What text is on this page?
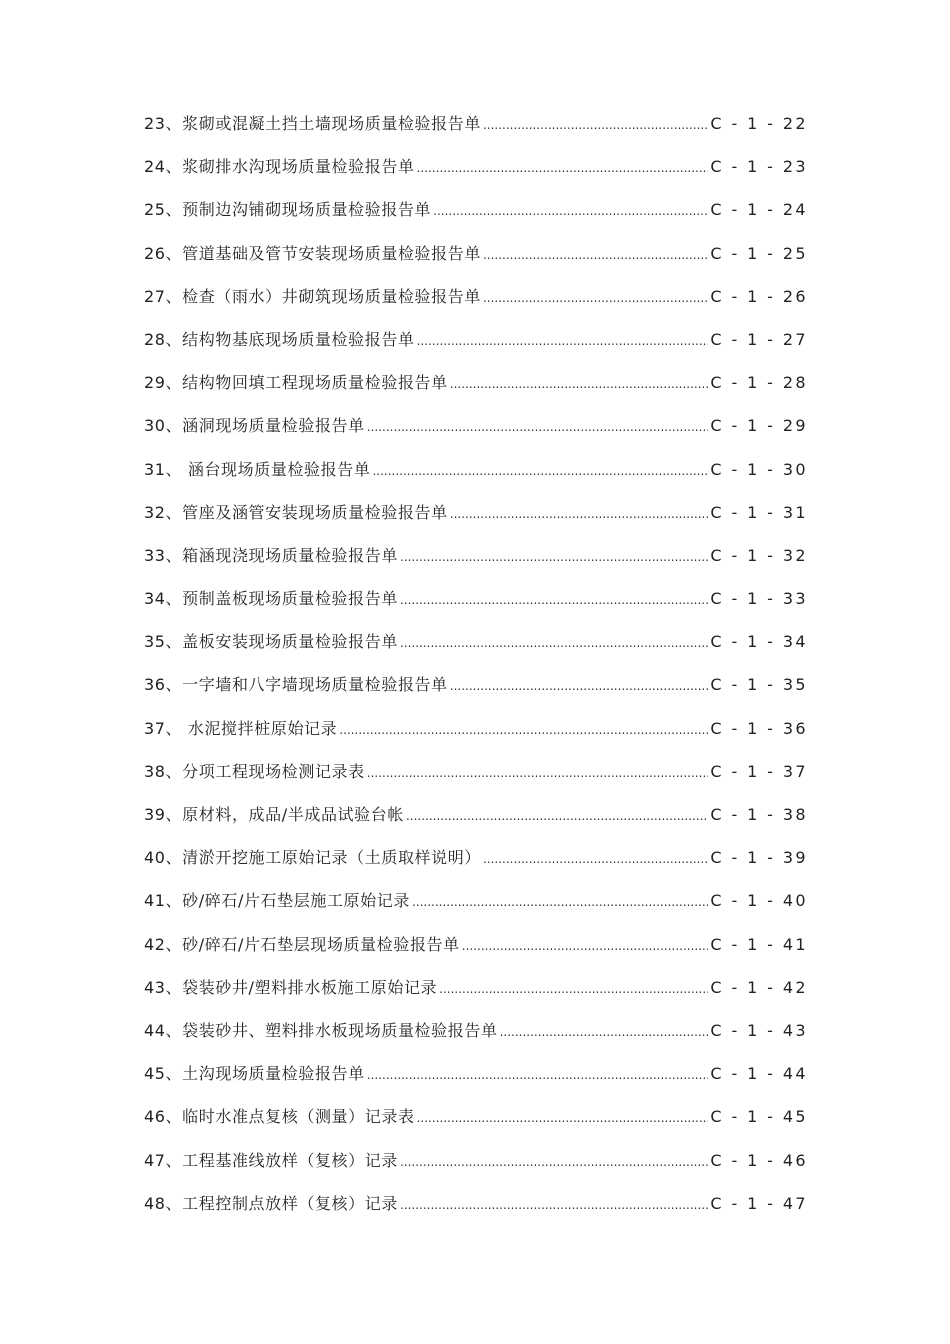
23、浆砌或混凝土挡土墙现场质量检验报告单 .....	C - 1 - 22
24、浆砌排水沟现场质量检验报告单 .....	C - 1 - 23
25、预制边沟铺砌现场质量检验报告单 .....	C - 1 - 24
26、管道基础及管节安装现场质量检验报告单 .....	C - 1 - 25
27、检查（雨水）井砌筑现场质量检验报告单 .....	C - 1 - 26
28、结构物基底现场质量检验报告单 .....	C - 1 - 27
29、结构物回填工程现场质量检验报告单 .....	C - 1 - 28
30、涵洞现场质量检验报告单 .....	C - 1 - 29
31、 涵台现场质量检验报告单 .....	C - 1 - 30
32、管座及涵管安装现场质量检验报告单 .....	C - 1 - 31
33、箱涵现浇现场质量检验报告单 .....	C - 1 - 32
34、预制盖板现场质量检验报告单 .....	C - 1 - 33
35、盖板安装现场质量检验报告单 .....	C - 1 - 34
36、一字墙和八字墙现场质量检验报告单 .....	C - 1 - 35
37、 水泥搅拌桩原始记录 .....	C - 1 - 36
38、分项工程现场检测记录表 .....	C - 1 - 37
39、原材料，成品/半成品试验台帐 .....	C - 1 - 38
40、清淤开挖施工原始记录（土质取样说明） .....	C - 1 - 39
41、砂/碎石/片石垫层施工原始记录 .....	C - 1 - 40
42、砂/碎石/片石垫层现场质量检验报告单 .....	C - 1 - 41
43、袋装砂井/塑料排水板施工原始记录 .....	C - 1 - 42
44、袋装砂井、塑料排水板现场质量检验报告单 .....	C - 1 - 43
45、土沟现场质量检验报告单 .....	C - 1 - 44
46、临时水准点复核（测量）记录表 .....	C - 1 - 45
47、工程基准线放样（复核）记录 .....	C - 1 - 46
48、工程控制点放样（复核）记录 .....	C - 1 - 47
